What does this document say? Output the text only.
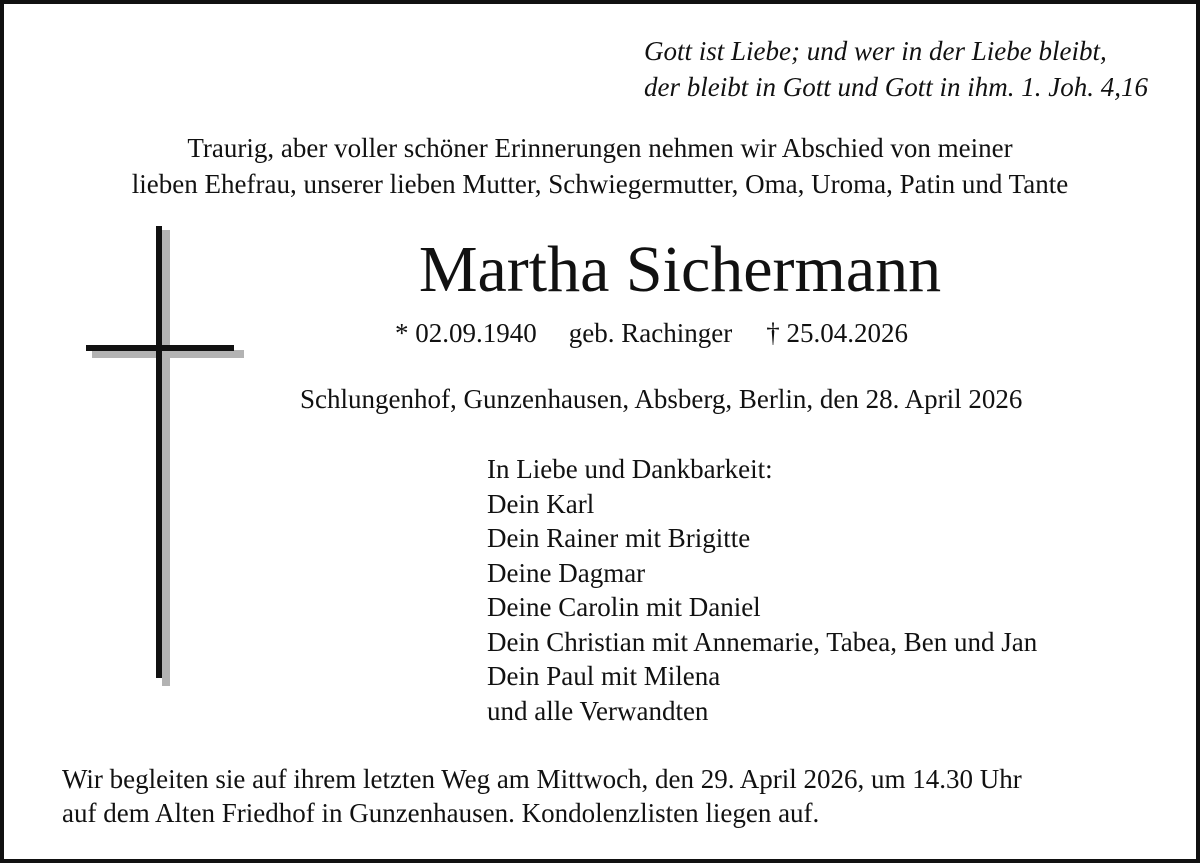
Gott ist Liebe; und wer in der Liebe bleibt,
der bleibt in Gott und Gott in ihm. 1. Joh. 4,16
Traurig, aber voller schöner Erinnerungen nehmen wir Abschied von meiner
lieben Ehefrau, unserer lieben Mutter, Schwiegermutter, Oma, Uroma, Patin und Tante
Martha Sichermann
* 02.09.1940 geb. Rachinger † 25.04.2026
Schlungenhof, Gunzenhausen, Absberg, Berlin, den 28. April 2026
In Liebe und Dankbarkeit:
Dein Karl
Dein Rainer mit Brigitte
Deine Dagmar
Deine Carolin mit Daniel
Dein Christian mit Annemarie, Tabea, Ben und Jan
Dein Paul mit Milena
und alle Verwandten
Wir begleiten sie auf ihrem letzten Weg am Mittwoch, den 29. April 2026, um 14.30 Uhr
auf dem Alten Friedhof in Gunzenhausen. Kondolenzlisten liegen auf.
